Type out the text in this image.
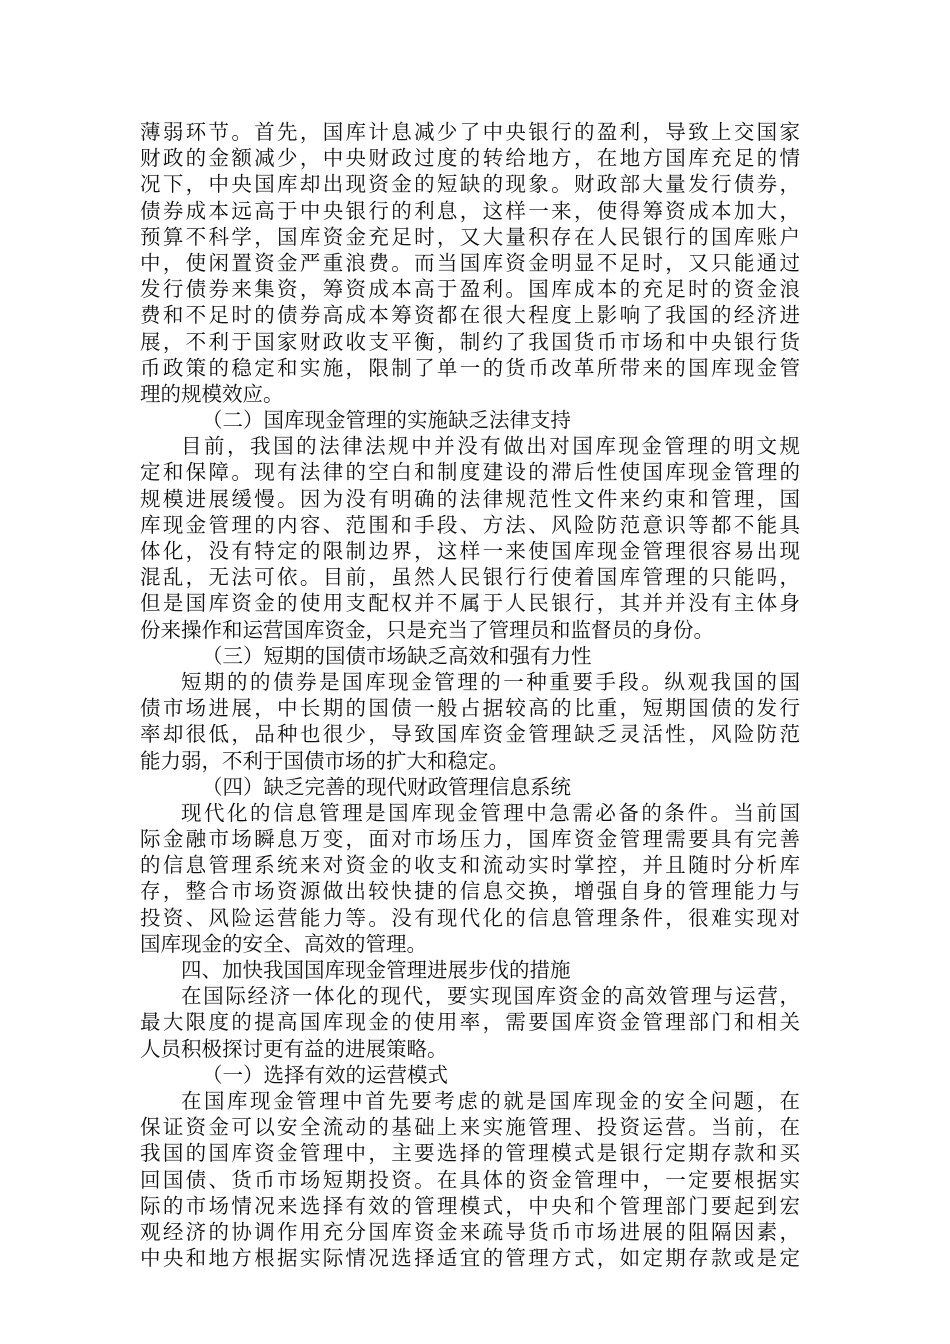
薄弱环节。首先，国库计息减少了中央银行的盈利，导致上交国家
财政的金额减少，中央财政过度的转给地方，在地方国库充足的情
况下，中央国库却出现资金的短缺的现象。财政部大量发行债券，
债券成本远高于中央银行的利息，这样一来，使得筹资成本加大，
预算不科学，国库资金充足时，又大量积存在人民银行的国库账户
中，使闲置资金严重浪费。而当国库资金明显不足时，又只能通过
发行债券来集资，筹资成本高于盈利。国库成本的充足时的资金浪
费和不足时的债券高成本筹资都在很大程度上影响了我国的经济进
展，不利于国家财政收支平衡，制约了我国货币市场和中央银行货
币政策的稳定和实施，限制了单一的货币改革所带来的国库现金管
理的规模效应。
（二）国库现金管理的实施缺乏法律支持
目前，我国的法律法规中并没有做出对国库现金管理的明文规
定和保障。现有法律的空白和制度建设的滞后性使国库现金管理的
规模进展缓慢。因为没有明确的法律规范性文件来约束和管理，国
库现金管理的内容、范围和手段、方法、风险防范意识等都不能具
体化，没有特定的限制边界，这样一来使国库现金管理很容易出现
混乱，无法可依。目前，虽然人民银行行使着国库管理的只能吗，
但是国库资金的使用支配权并不属于人民银行，其并并没有主体身
份来操作和运营国库资金，只是充当了管理员和监督员的身份。
（三）短期的国债市场缺乏高效和强有力性
短期的的债券是国库现金管理的一种重要手段。纵观我国的国
债市场进展，中长期的国债一般占据较高的比重，短期国债的发行
率却很低，品种也很少，导致国库资金管理缺乏灵活性，风险防范
能力弱，不利于国债市场的扩大和稳定。
（四）缺乏完善的现代财政管理信息系统
现代化的信息管理是国库现金管理中急需必备的条件。当前国
际金融市场瞬息万变，面对市场压力，国库资金管理需要具有完善
的信息管理系统来对资金的收支和流动实时掌控，并且随时分析库
存，整合市场资源做出较快捷的信息交换，增强自身的管理能力与
投资、风险运营能力等。没有现代化的信息管理条件，很难实现对
国库现金的安全、高效的管理。
四、加快我国国库现金管理进展步伐的措施
在国际经济一体化的现代，要实现国库资金的高效管理与运营，
最大限度的提高国库现金的使用率，需要国库资金管理部门和相关
人员积极探讨更有益的进展策略。
（一）选择有效的运营模式
在国库现金管理中首先要考虑的就是国库现金的安全问题，在
保证资金可以安全流动的基础上来实施管理、投资运营。当前，在
我国的国库资金管理中，主要选择的管理模式是银行定期存款和买
回国债、货币市场短期投资。在具体的资金管理中，一定要根据实
际的市场情况来选择有效的管理模式，中央和个管理部门要起到宏
观经济的协调作用充分国库资金来疏导货币市场进展的阻隔因素，
中央和地方根据实际情况选择适宜的管理方式，如定期存款或是定
